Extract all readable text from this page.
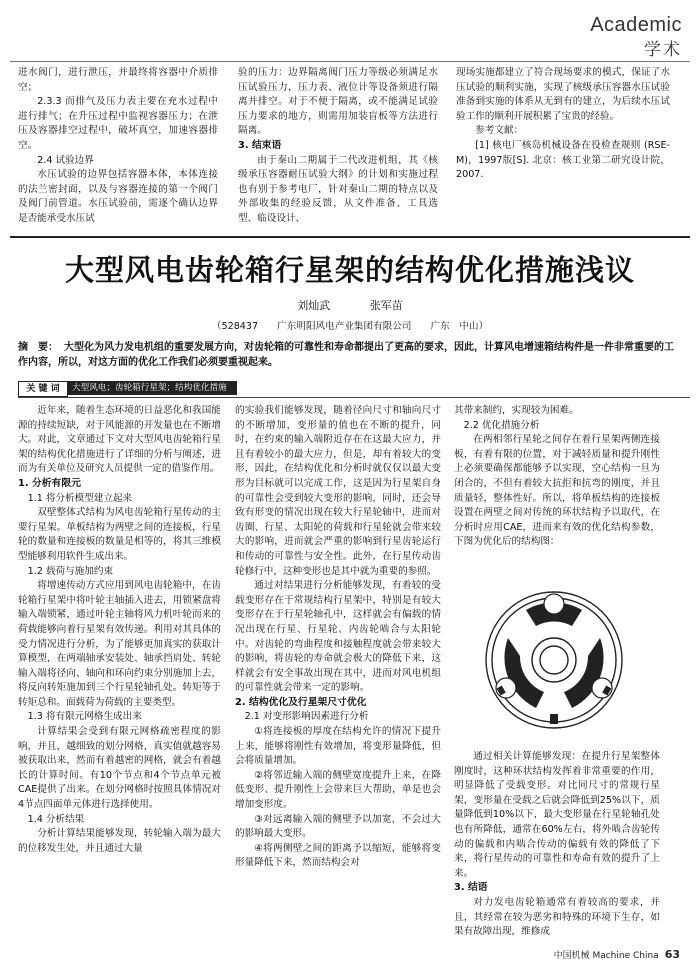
Academic
学术

进水阀门，进行泄压，并最终将容器中介质排空；

2.3.3 而排气及压力表主要在充水过程中进行排气；在升压过程中监视容器压力；在泄压及容器排空过程中，破坏真空，加速容器排空。

2.4 试验边界

水压试验的边界包括容器本体，本体连接的法兰密封面，以及与容器连接的第一个阀门及阀门前管道。水压试验前，需逐个确认边界是否能承受水压试

验的压力：边界隔离阀门压力等级必须满足水压试验压力，压力表、液位计等设备须进行隔离并排空。对于不便于隔离，或不能满足试验压力要求的地方，则需用加装盲板等方法进行隔离。

3. 结束语

由于秦山二期属于二代改进机组，其《核级承压容器耐压试验大纲》的计划和实施过程也有别于参考电厂，针对秦山二期的特点以及外部收集的经验反馈，从文件准备、工具选型、临设设计、

现场实施都建立了符合现场要求的模式，保证了水压试验的顺利实施，实现了核级承压容器水压试验准备到实施的体系从无到有的建立，为后续水压试验工作的顺利开展积累了宝贵的经验。

参考文献：

[1] 核电厂核岛机械设备在役检查规则 (RSE-M)，1997版[S]. 北京：核工业第二研究设计院，2007.

大型风电齿轮箱行星架的结构优化措施浅议
刘灿武	张军苗
（528437 广东明阳风电产业集团有限公司 广东　中山）
摘　要： 大型化为风力发电机组的重要发展方向，对齿轮箱的可靠性和寿命都提出了更高的要求，因此，计算风电增速箱结构件是一件非常重要的工作内容，所以，对这方面的优化工作我们必须要重视起来。
关 键 词	大型风电；齿轮箱行星架；结构优化措施

近年来，随着生态环境的日益恶化和我国能源的持续短缺，对于风能源的开发量也在不断增大。对此，文章通过下文对大型风电齿轮箱行星架的结构优化措施进行了详细的分析与阐述，进而为有关单位及研究人员提供一定的借鉴作用。

1. 分析有限元

1.1 将分析模型建立起来

双壁整体式结构为风电齿轮箱行星传动的主要行星架。单板结构为两壁之间的连接板，行星轮的数量和连接板的数量是相等的，将其三维模型能够利用软件生成出来。

1.2 载荷与施加约束

将增速传动方式应用到风电齿轮箱中，在齿轮箱行星架中将叶轮主轴插入进去，用锁紧盘将输入端锁紧，通过叶轮主轴将风力机叶轮而来的荷载能够向着行星架有效传递。利用对其具体的受力情况进行分析，为了能够更加真实的获取计算模型，在两端轴承安装处、轴承挡肩处、转轮输入端将径向、轴向和环向约束分别施加上去，将反向转矩施加到三个行星轮轴孔处。转矩等于转矩总和。面载荷为荷载的主要类型。

1.3 将有限元网格生成出来

计算结果会受到有限元网格疏密程度的影响，并且，越细致的划分网格，真实值就越容易被获取出来，然而有着越密的网格，就会有着越长的计算时间。有10个节点和4个节点单元被CAE提供了出来。在划分网格时按照具体情况对4节点四面单元体进行选择使用。

1.4 分析结果

分析计算结果能够发现，转轮输入端为最大的位移发生处，并且通过大量

的实验我们能够发现，随着径向尺寸和轴向尺寸的不断增加，变形量的值也在不断的提升，同时，在约束的输入端附近存在在这最大应力，并且有着较小的最大应力，但是，却有着较大的变形，因此，在结构优化和分析时就仅仅以最大变形为目标就可以完成工作，这是因为行星架自身的可靠性会受到较大变形的影响，同时，还会导致有形变的情况出现在较大行星轮轴中，进而对齿圈、行星、太阳轮的荷载和行星轮就会带来较大的影响，进而就会严重的影响到行星齿轮运行和传动的可靠性与安全性。此外，在行星传动齿轮修行中，这种变形也是其中就为重要的参照。

通过对结果进行分析能够发现，有着较的受载变形存在于常规结构行星架中，特别是有较大变形存在于行星轮轴孔中，这样就会有偏载的情况出现在行星、行星轮、内齿轮啮合与太阳轮中。对齿轮的弯曲程度和接触程度就会带来较大的影响，将齿轮的寿命就会极大的降低下来，这样就会有安全事故出现在其中，进而对风电机组的可靠性就会带来一定的影响。

2. 结构优化及行星架尺寸优化

2.1 对变形影响因素进行分析

①将连接板的厚度在结构允许的情况下提升上来，能够将刚性有效增加，将变形量降低，但会将质量增加。

②将邻近输入端的侧壁宽度提升上来，在降低变形、提升刚性上会带来巨大帮助，单是也会增加变形度。

③对远离输入端的侧壁予以加宽，不会过大的影响最大变形。

④将两侧壁之间的距离予以缩短，能够将变形量降低下来，然而结构会对

其带来制约，实现较为困难。

2.2 优化措施分析

在两相邻行星轮之间存在着行星架两侧连接板，有着有限的位置，对于减轻质量和提升刚性上必须要确保都能够予以实现，空心结构一旦为闭合的，不但有着较大抗拒和抗弯的刚度，并且质量轻，整体性好。所以，将单板结构的连接板设置在两壁之间对传统的环状结构予以取代，在分析时应用CAE，进而来有效的优化结构参数，下图为优化后的结构图：

中国机械 Machine China 63

通过相关计算能够发现：在提升行星架整体刚度时，这种环状结构发挥着非常重要的作用，明显降低了受载变形。对比同尺寸的常规行星架，变形量在受载之后就会降低到25%以下，质量降低到10%以下，最大变形量在行星轮轴孔处也有所降低，通常在60%左右，将外啮合齿轮传动的偏载和内啮合传动的偏载有效的降低了下来，将行星传动的可靠性和寿命有效的提升了上来。

3. 结语

对力发电齿轮箱通常有着较高的要求，并且，其经常在较为恶劣和特殊的环境下生存，如果有故障出现，维修成
